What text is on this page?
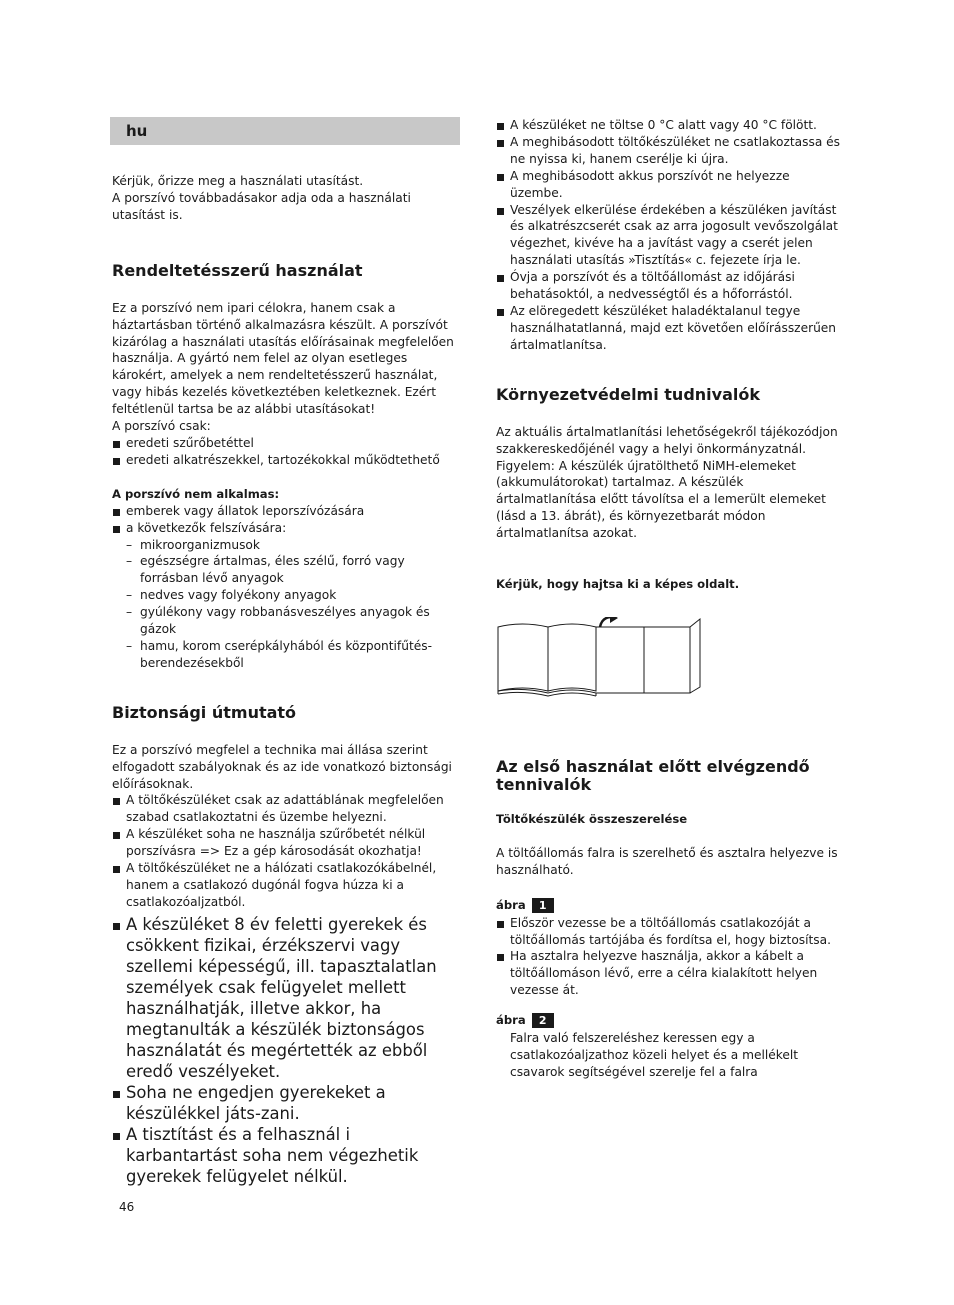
hu

Kérjük, őrizze meg a használati utasítást.

A porszívó továbbadásakor adja oda a használati utasítást is.

Rendeltetésszerű használat

Ez a porszívó nem ipari célokra, hanem csak a háztartásban történő alkalmazásra készült. A porszívót kizárólag a használati utasítás előírásainak megfelelően használja. A gyártó nem felel az olyan esetleges károkért, amelyek a nem rendeltetésszerű használat, vagy hibás kezelés következtében keletkeznek. Ezért feltétlenül tartsa be az alábbi utasításokat!

A porszívó csak:

eredeti szűrőbetéttel
eredeti alkatrészekkel, tartozékokkal működtethető

A porszívó nem alkalmas:

emberek vagy állatok leporszívózására
a következők felszívására:
– mikroorganizmusok
– egészségre ártalmas, éles szélű, forró vagy forrásban lévő anyagok
– nedves vagy folyékony anyagok
– gyúlékony vagy robbanásveszélyes anyagok és gázok
– hamu, korom cserépkályhából és központifűtés-berendezésekből
Biztonsági útmutató

Ez a porszívó megfelel a technika mai állása szerint elfogadott szabályoknak és az ide vonatkozó biztonsági előírásoknak.

A töltőkészüléket csak az adattáblának megfelelően szabad csatlakoztatni és üzembe helyezni.
A készüléket soha ne használja szűrőbetét nélkül porszívásra => Ez a gép károsodását okozhatja!
A töltőkészüléket ne a hálózati csatlakozókábelnél, hanem a csatlakozó dugónál fogva húzza ki a csatlakozóaljzatból.
A készüléket 8 év feletti gyerekek és csökkent fizikai, érzékszervi vagy szellemi képességű, ill. tapasztalatlan személyek csak felügyelet mellett használhatják, illetve akkor, ha megtanulták a készülék biztonságos használatát és megértették az ebből eredő veszélyeket.
Soha ne engedjen gyerekeket a készülékkel játs-zani.
A tisztítást és a felhasznál i karbantartást soha nem végezhetik gyerekek felügyelet nélkül.
A készüléket ne töltse 0 °C alatt vagy 40 °C fölött.
A meghibásodott töltőkészüléket ne csatlakoztassa és ne nyissa ki, hanem cserélje ki újra.
A meghibásodott akkus porszívót ne helyezze üzembe.
Veszélyek elkerülése érdekében a készüléken javítást és alkatrészcserét csak az arra jogosult vevőszolgálat végezhet, kivéve ha a javítást vagy a cserét jelen használati utasítás »Tisztítás« c. fejezete írja le.
Óvja a porszívót és a töltőállomást az időjárási behatásoktól, a nedvességtől és a hőforrástól.
Az elöregedett készüléket haladéktalanul tegye használhatatlanná, majd ezt követően előírásszerűen ártalmatlanítsa.
Környezetvédelmi tudnivalók

Az aktuális ártalmatlanítási lehetőségekről tájékozódjon szakkereskedőjénél vagy a helyi önkormányzatnál. Figyelem: A készülék újratölthető NiMH-elemeket (akkumulátorokat) tartalmaz. A készülék ártalmatlanítása előtt távolítsa el a lemerült elemeket (lásd a 13. ábrát), és környezetbarát módon ártalmatlanítsa azokat.

Kérjük, hogy hajtsa ki a képes oldalt.

Az első használat előtt elvégzendő tennivalók

Töltőkészülék összeszerelése

A töltőállomás falra is szerelhető és asztalra helyezve is használható.

ábra 1
Először vezesse be a töltőállomás csatlakozóját a töltőállomás tartójába és fordítsa el, hogy biztosítsa.
Ha asztalra helyezve használja, akkor a kábelt a töltőállomáson lévő, erre a célra kialakított helyen vezesse át.
ábra 2

Falra való felszereléshez keressen egy a csatlakozóaljzathoz közeli helyet és a mellékelt csavarok segítségével szerelje fel a falra

46
